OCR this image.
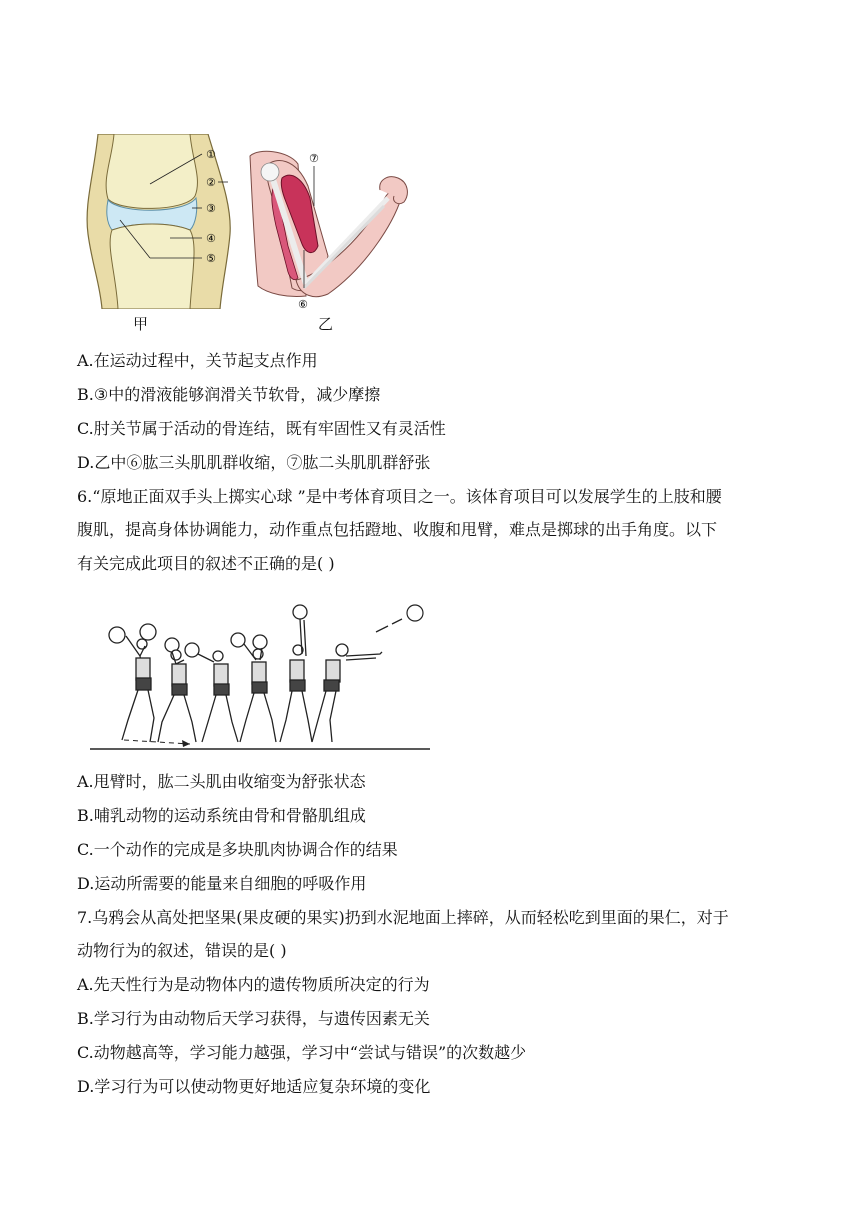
①
②
③
④
⑤
甲
⑦
⑥
乙
A.在运动过程中，关节起支点作用
B.③中的滑液能够润滑关节软骨，减少摩擦
C.肘关节属于活动的骨连结，既有牢固性又有灵活性
D.乙中⑥肱三头肌肌群收缩，⑦肱二头肌肌群舒张
6.“原地正面双手头上掷实心球 ”是中考体育项目之一。该体育项目可以发展学生的上肢和腰
腹肌，提高身体协调能力，动作重点包括蹬地、收腹和甩臂，难点是掷球的出手角度。以下
有关完成此项目的叙述不正确的是( )
A.甩臂时，肱二头肌由收缩变为舒张状态
B.哺乳动物的运动系统由骨和骨骼肌组成
C.一个动作的完成是多块肌肉协调合作的结果
D.运动所需要的能量来自细胞的呼吸作用
7.乌鸦会从高处把坚果(果皮硬的果实)扔到水泥地面上摔碎，从而轻松吃到里面的果仁，对于
动物行为的叙述，错误的是( )
A.先天性行为是动物体内的遗传物质所决定的行为
B.学习行为由动物后天学习获得，与遗传因素无关
C.动物越高等，学习能力越强，学习中“尝试与错误”的次数越少
D.学习行为可以使动物更好地适应复杂环境的变化
